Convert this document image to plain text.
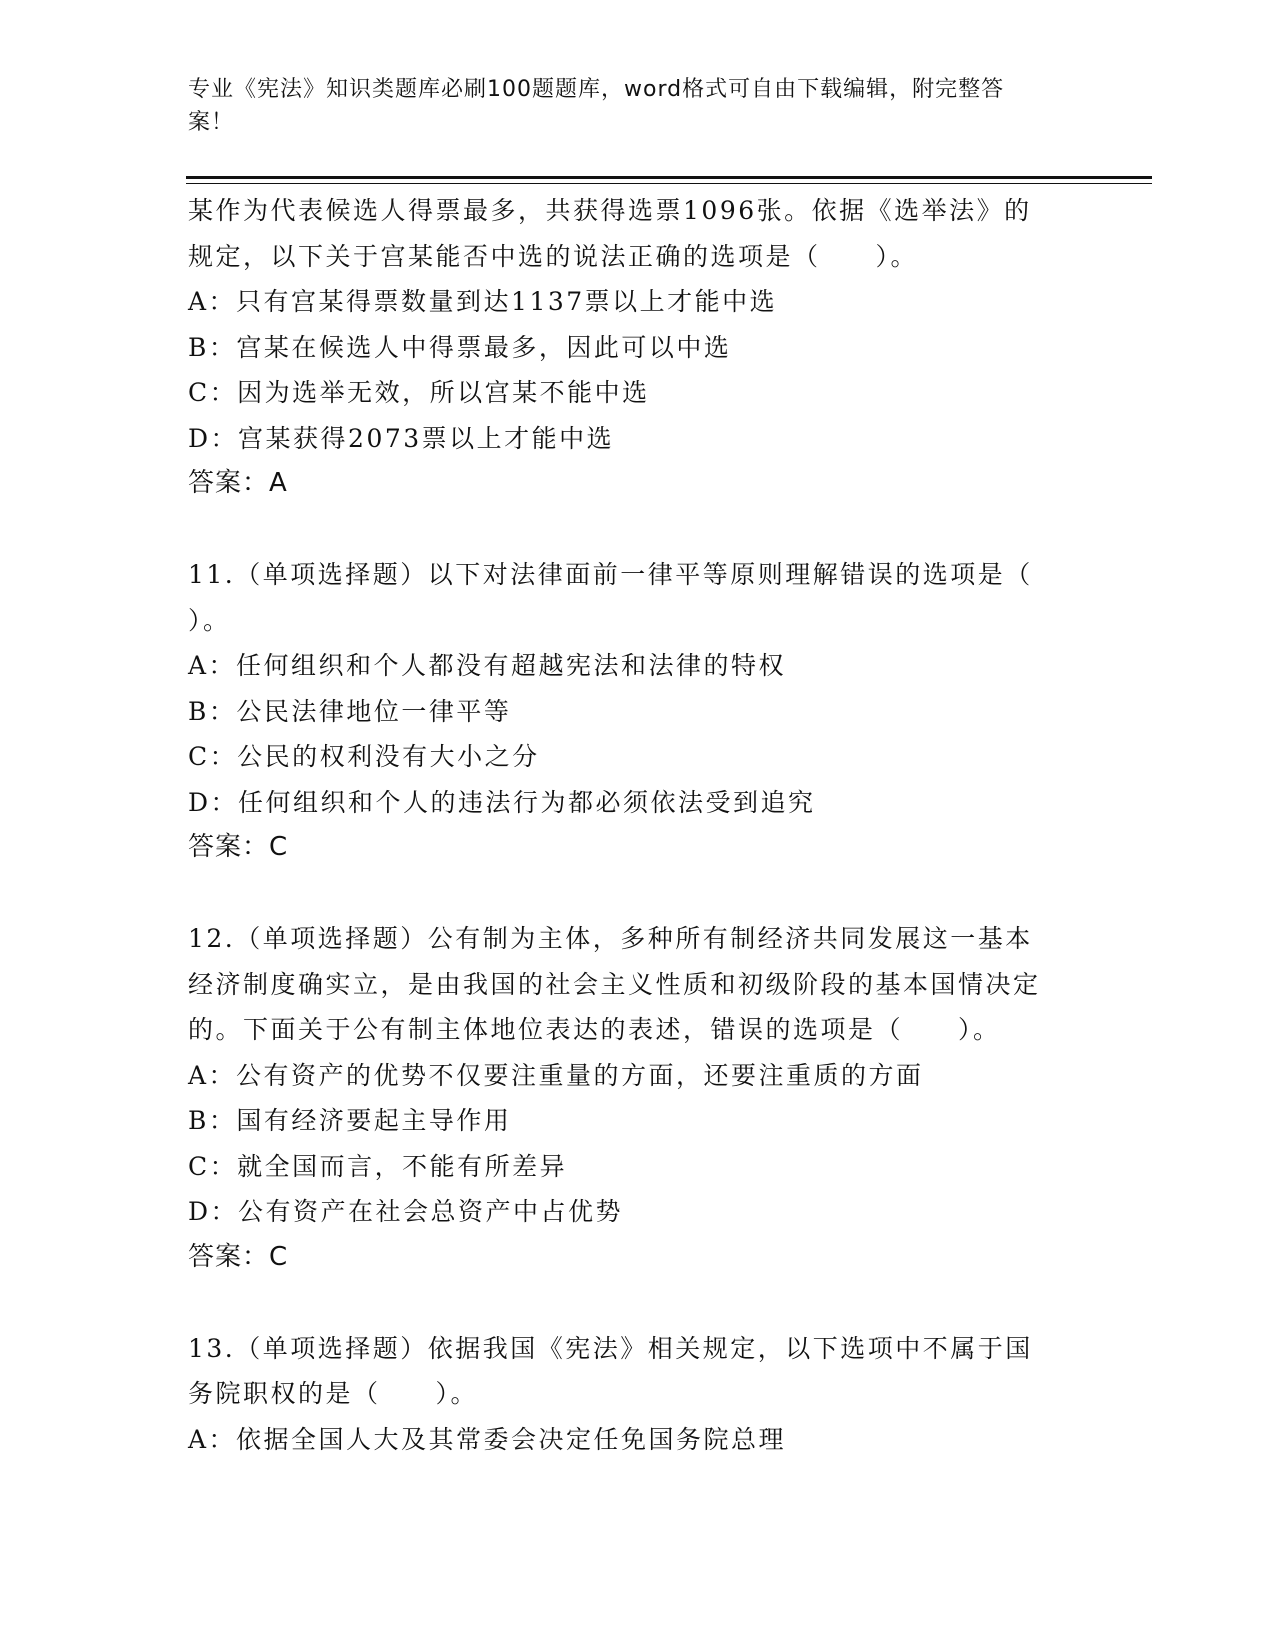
专业《宪法》知识类题库必刷100题题库，word格式可自由下载编辑，附完整答
案！
某作为代表候选人得票最多，共获得选票1096张。依据《选举法》的
规定，以下关于宫某能否中选的说法正确的选项是（　　）。
A：只有宫某得票数量到达1137票以上才能中选
B：宫某在候选人中得票最多，因此可以中选
C：因为选举无效，所以宫某不能中选
D：宫某获得2073票以上才能中选
答案：A
11.（单项选择题）以下对法律面前一律平等原则理解错误的选项是（
）。
A：任何组织和个人都没有超越宪法和法律的特权
B：公民法律地位一律平等
C：公民的权利没有大小之分
D：任何组织和个人的违法行为都必须依法受到追究
答案：C
12.（单项选择题）公有制为主体，多种所有制经济共同发展这一基本
经济制度确实立，是由我国的社会主义性质和初级阶段的基本国情决定
的。下面关于公有制主体地位表达的表述，错误的选项是（　　）。
A：公有资产的优势不仅要注重量的方面，还要注重质的方面
B：国有经济要起主导作用
C：就全国而言，不能有所差异
D：公有资产在社会总资产中占优势
答案：C
13.（单项选择题）依据我国《宪法》相关规定，以下选项中不属于国
务院职权的是（　　）。
A：依据全国人大及其常委会决定任免国务院总理
